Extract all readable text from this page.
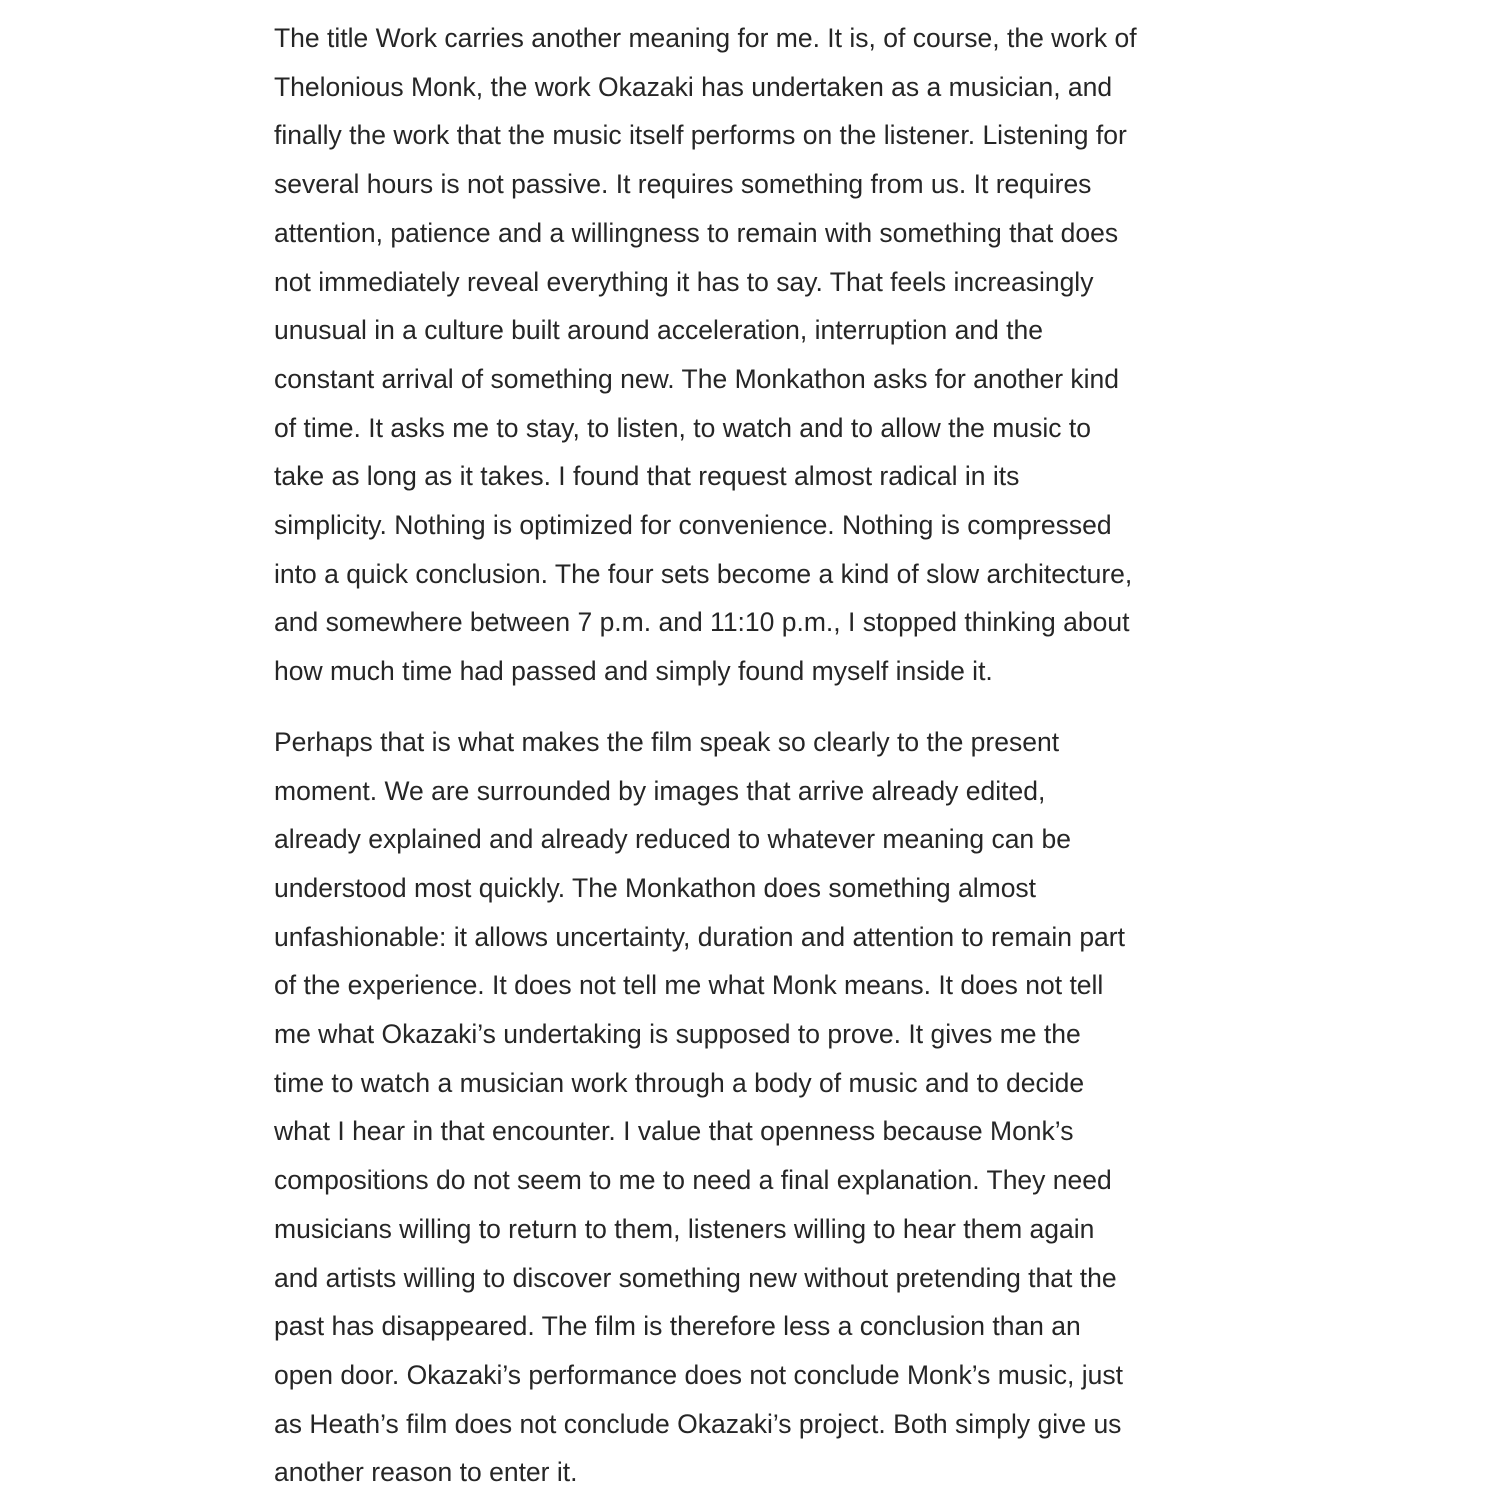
The title Work carries another meaning for me. It is, of course, the work of
Thelonious Monk, the work Okazaki has undertaken as a musician, and
finally the work that the music itself performs on the listener. Listening for
several hours is not passive. It requires something from us. It requires
attention, patience and a willingness to remain with something that does
not immediately reveal everything it has to say. That feels increasingly
unusual in a culture built around acceleration, interruption and the
constant arrival of something new. The Monkathon asks for another kind
of time. It asks me to stay, to listen, to watch and to allow the music to
take as long as it takes. I found that request almost radical in its
simplicity. Nothing is optimized for convenience. Nothing is compressed
into a quick conclusion. The four sets become a kind of slow architecture,
and somewhere between 7 p.m. and 11:10 p.m., I stopped thinking about
how much time had passed and simply found myself inside it.

Perhaps that is what makes the film speak so clearly to the present
moment. We are surrounded by images that arrive already edited,
already explained and already reduced to whatever meaning can be
understood most quickly. The Monkathon does something almost
unfashionable: it allows uncertainty, duration and attention to remain part
of the experience. It does not tell me what Monk means. It does not tell
me what Okazaki’s undertaking is supposed to prove. It gives me the
time to watch a musician work through a body of music and to decide
what I hear in that encounter. I value that openness because Monk’s
compositions do not seem to me to need a final explanation. They need
musicians willing to return to them, listeners willing to hear them again
and artists willing to discover something new without pretending that the
past has disappeared. The film is therefore less a conclusion than an
open door. Okazaki’s performance does not conclude Monk’s music, just
as Heath’s film does not conclude Okazaki’s project. Both simply give us
another reason to enter it.
